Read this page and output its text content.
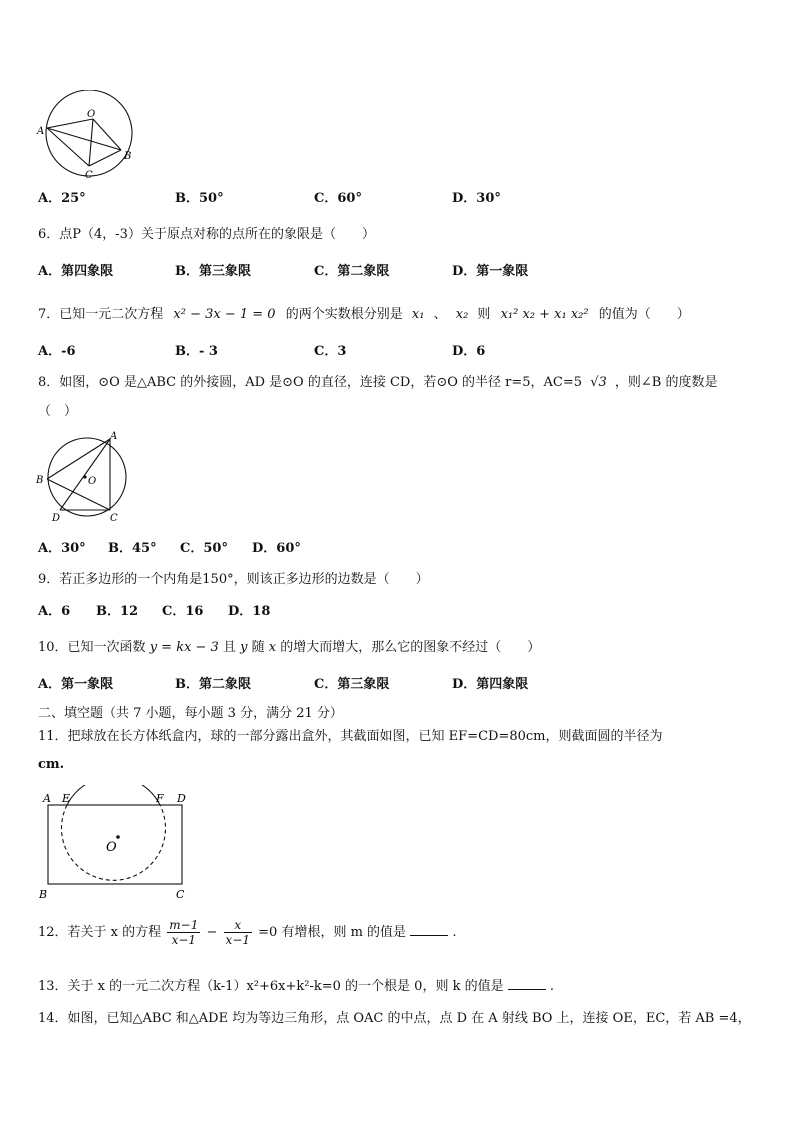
O
A
B
C
A．25°	B．50°	C．60°	D．30°
6．点P（4，-3）关于原点对称的点所在的象限是（　　）
A．第四象限	B．第三象限	C．第二象限	D．第一象限
7．已知一元二次方程 x² − 3x − 1 = 0 的两个实数根分别是 x₁ 、 x₂ 则 x₁² x₂ + x₁ x₂² 的值为（　　）
A．-6	B．- 3	C．3	D．6
8．如图，⊙O 是△ABC 的外接圆，AD 是⊙O 的直径，连接 CD，若⊙O 的半径 r=5，AC=5 √3 ，则∠B 的度数是
（　）
A
B	O
D	C
A．30° B．45° C．50° D．60°
9．若正多边形的一个内角是150°，则该正多边形的边数是（　　）
A．6 B．12 C．16 D．18
10．已知一次函数 y = kx − 3 且 y 随 x 的增大而增大，那么它的图象不经过（　　）
A．第一象限	B．第二象限	C．第三象限	D．第四象限
二、填空题（共 7 小题，每小题 3 分，满分 21 分）
11．把球放在长方体纸盒内，球的一部分露出盒外，其截面如图，已知 EF=CD=80cm，则截面圆的半径为
cm.
A E	F D
O
B	C
12．若关于 x 的方程 $\frac{m-1}{x-1} - \frac{x}{x-1} =0$ 有增根，则 m 的值是	.
13．关于 x 的一元二次方程（k-1）x²+6x+k²-k=0 的一个根是 0，则 k 的值是	.
14．如图，已知△ABC 和△ADE 均为等边三角形，点 OAC 的中点，点 D 在 A 射线 BO 上，连接 OE，EC，若 AB =4，
